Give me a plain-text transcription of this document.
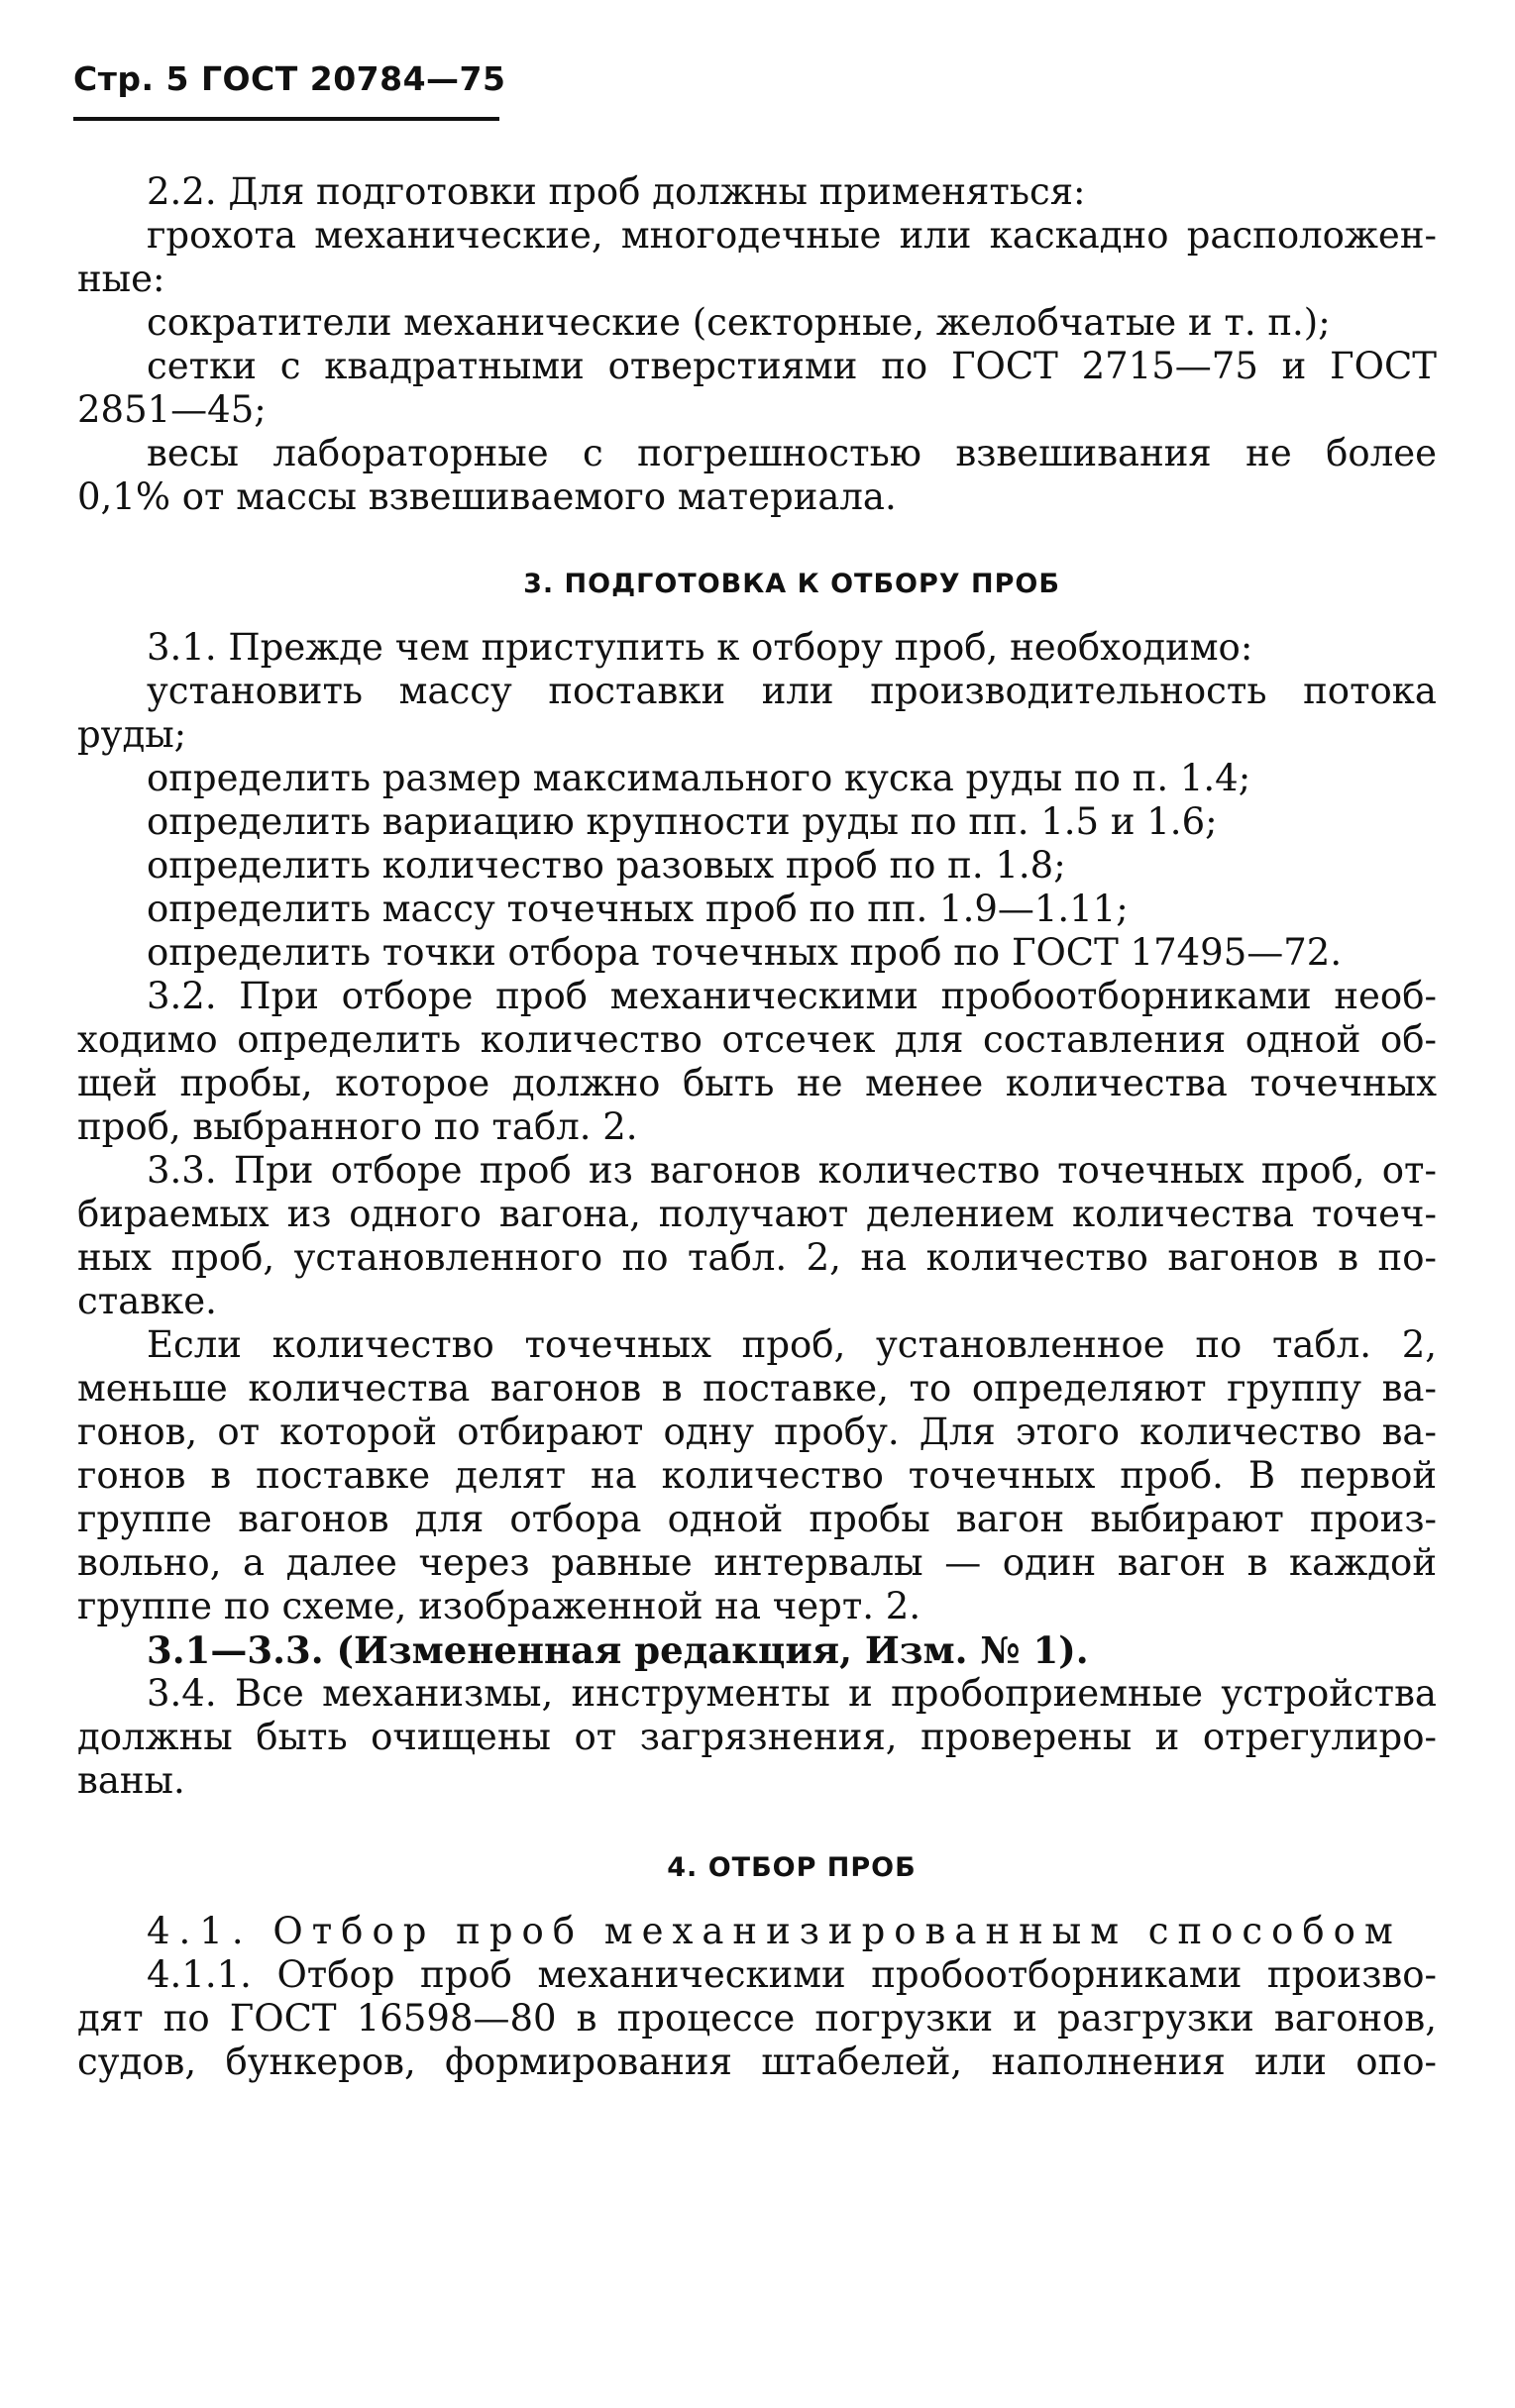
Стр. 5 ГОСТ 20784—75
2.2. Для подготовки проб должны применяться:
грохота механические, многодечные или каскадно расположен-
ные:
сократители механические (секторные, желобчатые и т. п.);
сетки с квадратными отверстиями по ГОСТ 2715—75 и ГОСТ
2851—45;
весы лабораторные с погрешностью взвешивания не более
0,1% от массы взвешиваемого материала.
3. ПОДГОТОВКА К ОТБОРУ ПРОБ
3.1. Прежде чем приступить к отбору проб, необходимо:
установить массу поставки или производительность потока
руды;
определить размер максимального куска руды по п. 1.4;
определить вариацию крупности руды по пп. 1.5 и 1.6;
определить количество разовых проб по п. 1.8;
определить массу точечных проб по пп. 1.9—1.11;
определить точки отбора точечных проб по ГОСТ 17495—72.
3.2. При отборе проб механическими пробоотборниками необ-
ходимо определить количество отсечек для составления одной об-
щей пробы, которое должно быть не менее количества точечных
проб, выбранного по табл. 2.
3.3. При отборе проб из вагонов количество точечных проб, от-
бираемых из одного вагона, получают делением количества точеч-
ных проб, установленного по табл. 2, на количество вагонов в по-
ставке.
Если количество точечных проб, установленное по табл. 2,
меньше количества вагонов в поставке, то определяют группу ва-
гонов, от которой отбирают одну пробу. Для этого количество ва-
гонов в поставке делят на количество точечных проб. В первой
группе вагонов для отбора одной пробы вагон выбирают произ-
вольно, а далее через равные интервалы — один вагон в каждой
группе по схеме, изображенной на черт. 2.
3.1—3.3. (Измененная редакция, Изм. № 1).
3.4. Все механизмы, инструменты и пробоприемные устройства
должны быть очищены от загрязнения, проверены и отрегулиро-
ваны.
4. ОТБОР ПРОБ
4.1. Отбор проб механизированным способом
4.1.1. Отбор проб механическими пробоотборниками произво-
дят по ГОСТ 16598—80 в процессе погрузки и разгрузки вагонов,
судов, бункеров, формирования штабелей, наполнения или опо-
